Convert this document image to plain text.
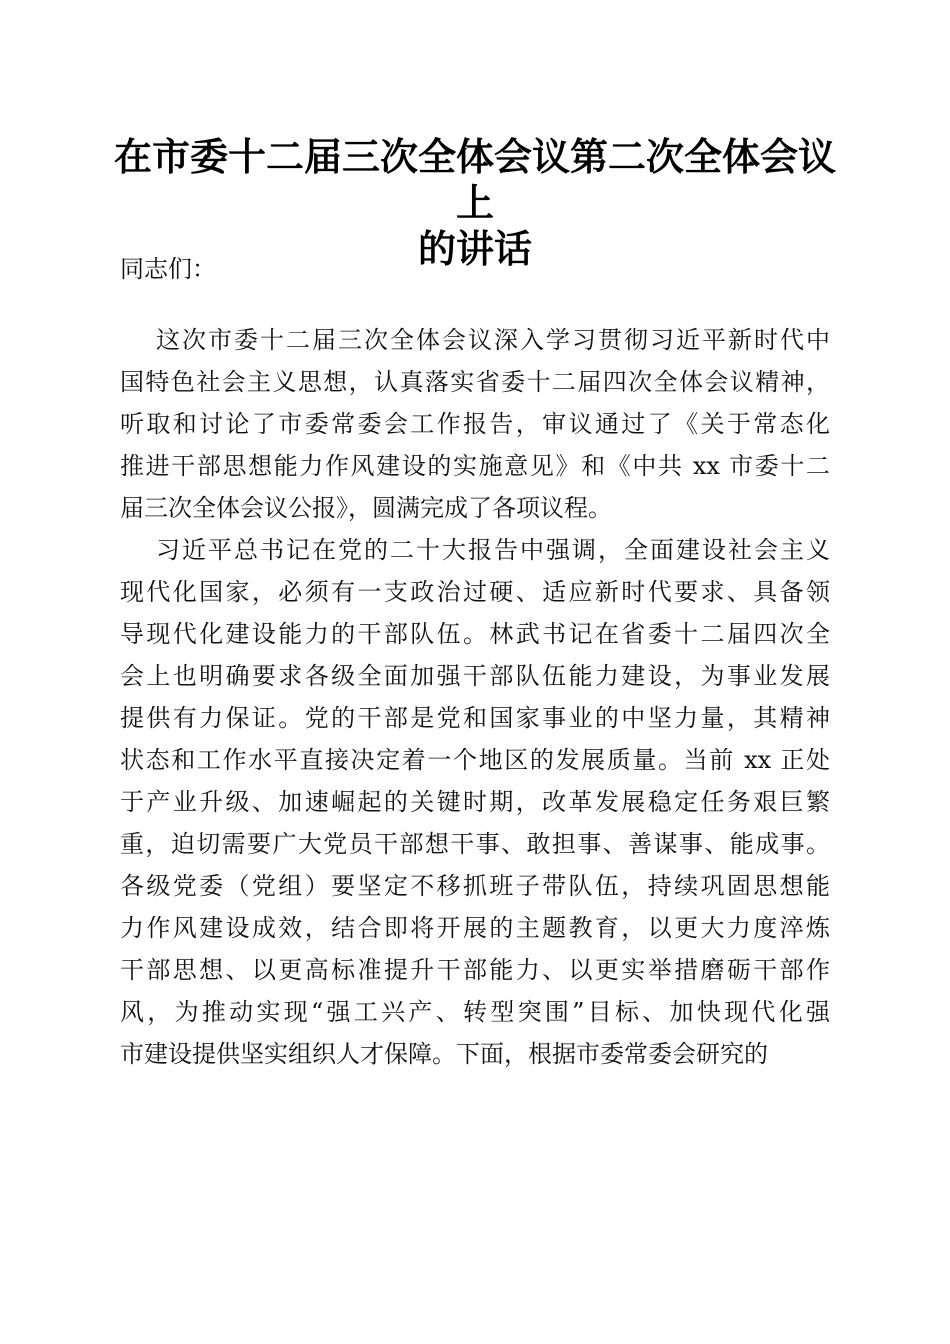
在市委十二届三次全体会议第二次全体会议上
的讲话

同志们：

这次市委十二届三次全体会议深入学习贯彻习近平新时代中
国特色社会主义思想，认真落实省委十二届四次全体会议精神，
听取和讨论了市委常委会工作报告，审议通过了《关于常态化
推进干部思想能力作风建设的实施意见》和《中共 xx 市委十二
届三次全体会议公报》，圆满完成了各项议程。
习近平总书记在党的二十大报告中强调，全面建设社会主义
现代化国家，必须有一支政治过硬、适应新时代要求、具备领
导现代化建设能力的干部队伍。林武书记在省委十二届四次全
会上也明确要求各级全面加强干部队伍能力建设，为事业发展
提供有力保证。党的干部是党和国家事业的中坚力量，其精神
状态和工作水平直接决定着一个地区的发展质量。当前 xx 正处
于产业升级、加速崛起的关键时期，改革发展稳定任务艰巨繁
重，迫切需要广大党员干部想干事、敢担事、善谋事、能成事。
各级党委（党组）要坚定不移抓班子带队伍，持续巩固思想能
力作风建设成效，结合即将开展的主题教育，以更大力度淬炼
干部思想、以更高标准提升干部能力、以更实举措磨砺干部作
风，为推动实现“强工兴产、转型突围”目标、加快现代化强
市建设提供坚实组织人才保障。下面，根据市委常委会研究的
